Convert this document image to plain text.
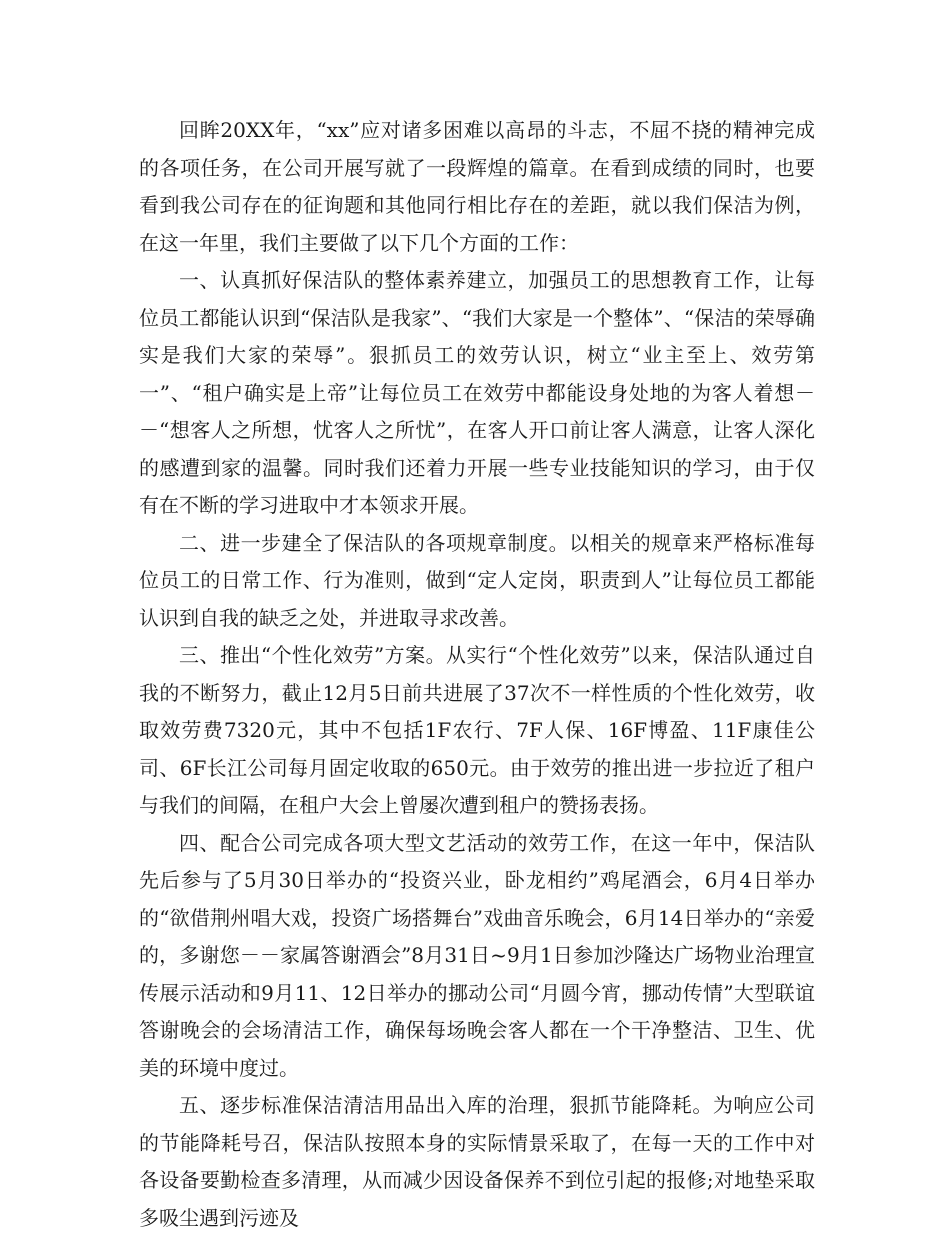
回眸20XX年，“xx”应对诸多困难以高昂的斗志，不屈不挠的精神完成的各项任务，在公司开展写就了一段辉煌的篇章。在看到成绩的同时，也要看到我公司存在的征询题和其他同行相比存在的差距，就以我们保洁为例，在这一年里，我们主要做了以下几个方面的工作：

一、认真抓好保洁队的整体素养建立，加强员工的思想教育工作，让每位员工都能认识到“保洁队是我家”、“我们大家是一个整体”、“保洁的荣辱确实是我们大家的荣辱”。狠抓员工的效劳认识，树立“业主至上、效劳第一”、“租户确实是上帝”让每位员工在效劳中都能设身处地的为客人着想－－“想客人之所想，忧客人之所忧”，在客人开口前让客人满意，让客人深化的感遭到家的温馨。同时我们还着力开展一些专业技能知识的学习，由于仅有在不断的学习进取中才本领求开展。

二、进一步建全了保洁队的各项规章制度。以相关的规章来严格标准每位员工的日常工作、行为准则，做到“定人定岗，职责到人”让每位员工都能认识到自我的缺乏之处，并进取寻求改善。

三、推出“个性化效劳”方案。从实行“个性化效劳”以来，保洁队通过自我的不断努力，截止12月5日前共进展了37次不一样性质的个性化效劳，收取效劳费7320元，其中不包括1F农行、7F人保、16F博盈、11F康佳公司、6F长江公司每月固定收取的650元。由于效劳的推出进一步拉近了租户与我们的间隔，在租户大会上曾屡次遭到租户的赞扬表扬。

四、配合公司完成各项大型文艺活动的效劳工作，在这一年中，保洁队先后参与了5月30日举办的“投资兴业，卧龙相约”鸡尾酒会，6月4日举办的“欲借荆州唱大戏，投资广场搭舞台”戏曲音乐晚会，6月14日举办的“亲爱的，多谢您－－家属答谢酒会”8月31日~9月1日参加沙隆达广场物业治理宣传展示活动和9月11、12日举办的挪动公司“月圆今宵，挪动传情”大型联谊答谢晚会的会场清洁工作，确保每场晚会客人都在一个干净整洁、卫生、优美的环境中度过。

五、逐步标准保洁清洁用品出入库的治理，狠抓节能降耗。为响应公司的节能降耗号召，保洁队按照本身的实际情景采取了，在每一天的工作中对各设备要勤检查多清理，从而减少因设备保养不到位引起的报修;对地垫采取多吸尘遇到污迹及
